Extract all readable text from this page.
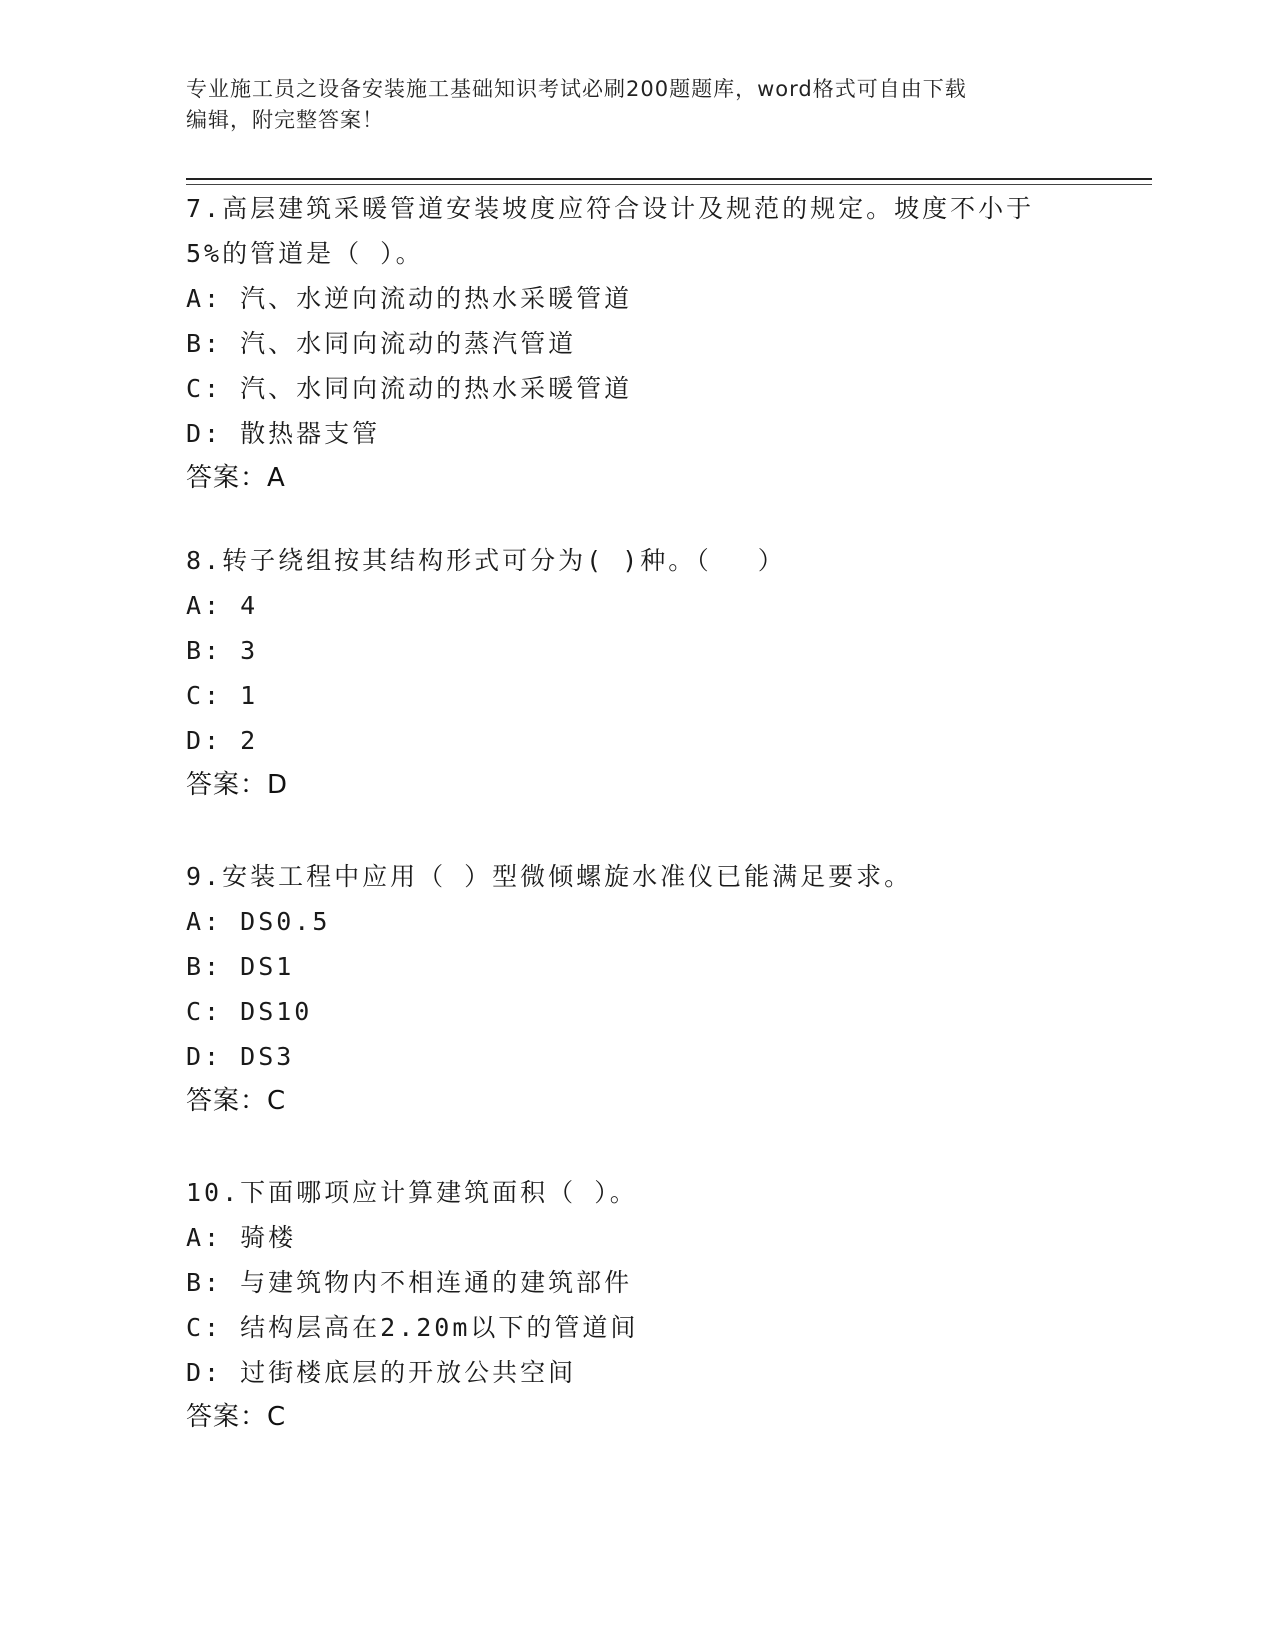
专业施工员之设备安装施工基础知识考试必刷200题题库，word格式可自由下载
编辑，附完整答案！
7.高层建筑采暖管道安装坡度应符合设计及规范的规定。坡度不小于5%的管道是（ ）。
A: 汽、水逆向流动的热水采暖管道
B: 汽、水同向流动的蒸汽管道
C: 汽、水同向流动的热水采暖管道
D: 散热器支管
答案：A
8.转子绕组按其结构形式可分为( )种。（　 ）
A: 4
B: 3
C: 1
D: 2
答案：D
9.安装工程中应用（ ）型微倾螺旋水准仪已能满足要求。
A: DS0.5
B: DS1
C: DS10
D: DS3
答案：C
10.下面哪项应计算建筑面积（ ）。
A: 骑楼
B: 与建筑物内不相连通的建筑部件
C: 结构层高在2.20m以下的管道间
D: 过街楼底层的开放公共空间
答案：C
